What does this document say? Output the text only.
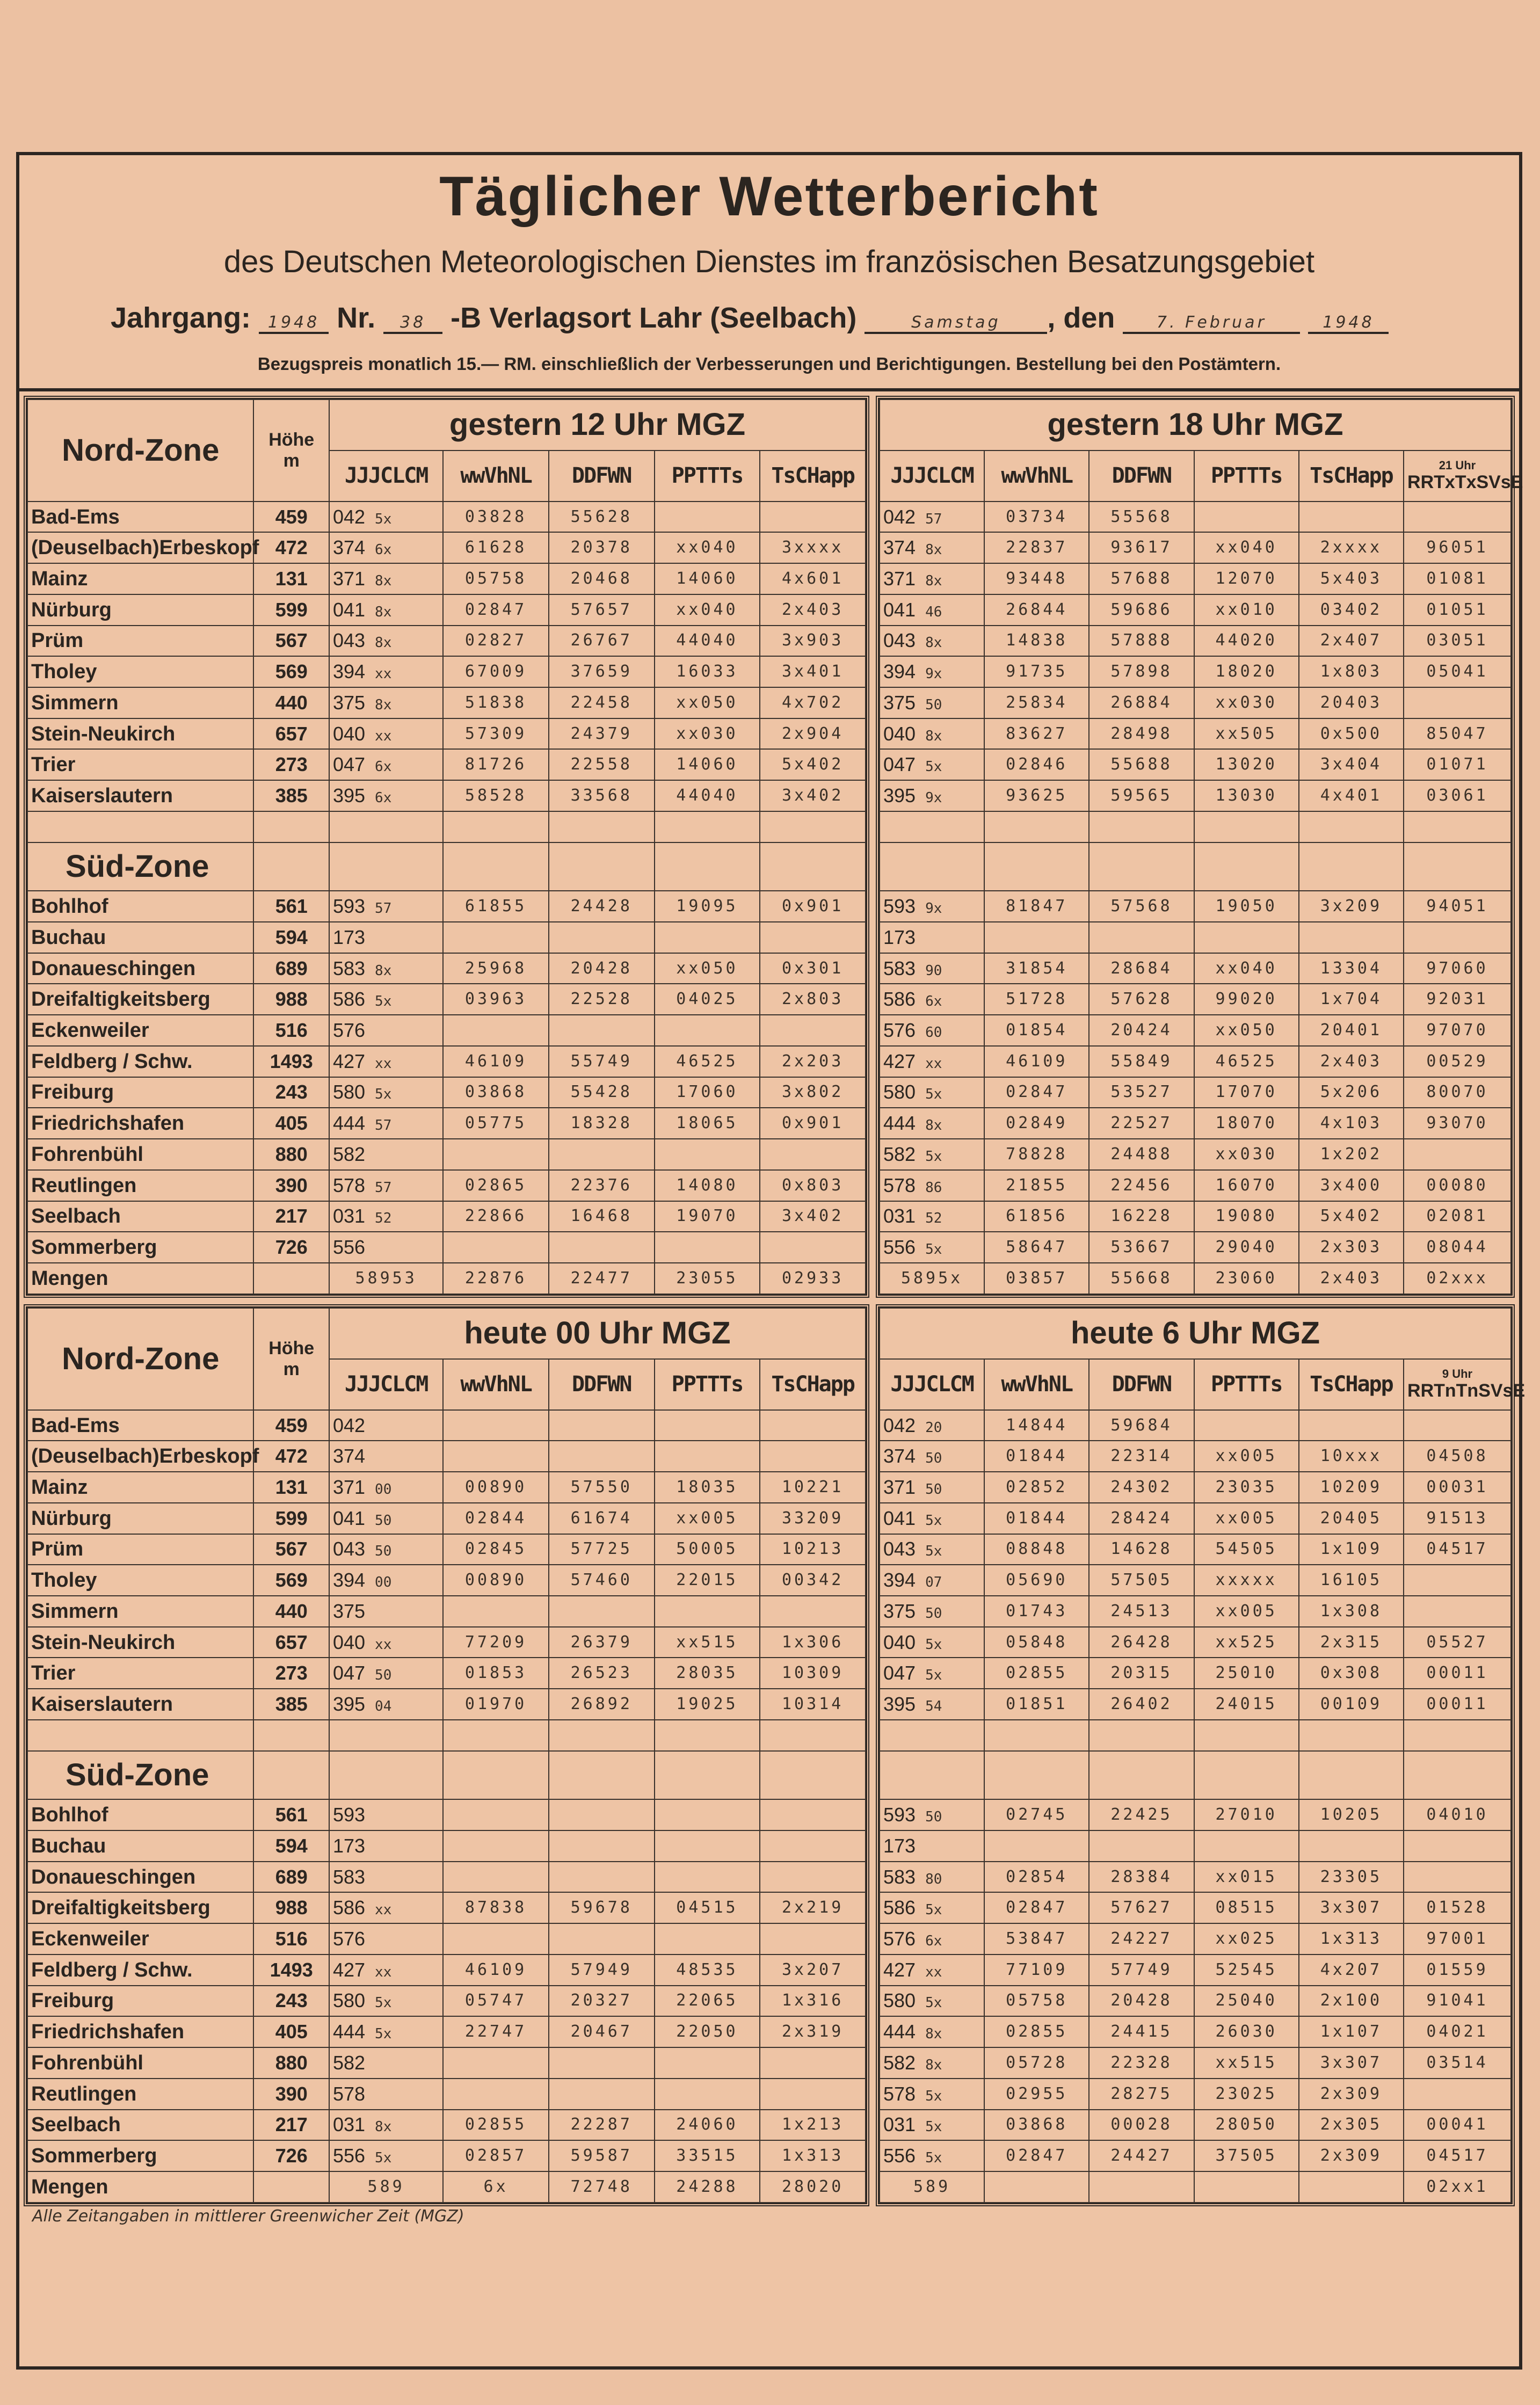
Täglicher Wetterbericht
des Deutschen Meteorologischen Dienstes im französischen Besatzungsgebiet
Jahrgang: 1948 Nr. 38 -B Verlagsort Lahr (Seelbach)	Samstag , den	7. Februar	1948
Bezugspreis monatlich 15.— RM. einschließlich der Verbesserungen und Berichtigungen. Bestellung bei den Postämtern.
Nord-Zone	Höhe
m	gestern 12 Uhr MGZ				
		JJJCLCM	wwVhNL	DDFWN	PPTTTs	TsCHapp
Bad-Ems	459	042 5x	03828	55628		
(Deuselbach)Erbeskopf	472	374 6x	61628	20378	xx040	3xxxx
Mainz	131	371 8x	05758	20468	14060	4x601
Nürburg	599	041 8x	02847	57657	xx040	2x403
Prüm	567	043 8x	02827	26767	44040	3x903
Tholey	569	394 xx	67009	37659	16033	3x401
Simmern	440	375 8x	51838	22458	xx050	4x702
Stein-Neukirch	657	040 xx	57309	24379	xx030	2x904
Trier	273	047 6x	81726	22558	14060	5x402
Kaiserslautern	385	395 6x	58528	33568	44040	3x402

Süd-Zone						
Bohlhof	561	593 57	61855	24428	19095	0x901
Buchau	594	173				
Donaueschingen	689	583 8x	25968	20428	xx050	0x301
Dreifaltigkeitsberg	988	586 5x	03963	22528	04025	2x803
Eckenweiler	516	576				
Feldberg / Schw.	1493	427 xx	46109	55749	46525	2x203
Freiburg	243	580 5x	03868	55428	17060	3x802
Friedrichshafen	405	444 57	05775	18328	18065	0x901
Fohrenbühl	880	582				
Reutlingen	390	578 57	02865	22376	14080	0x803
Seelbach	217	031 52	22866	16468	19070	3x402
Sommerberg	726	556				
Mengen		58953	22876	22477	23055	02933
gestern 18 Uhr MGZ					
JJJCLCM	wwVhNL	DDFWN	PPTTTs	TsCHapp	21 Uhr
RRTxTxSVsE

042 57	03734	55568			
374 8x	22837	93617	xx040	2xxxx	96051
371 8x	93448	57688	12070	5x403	01081
041 46	26844	59686	xx010	03402	01051
043 8x	14838	57888	44020	2x407	03051
394 9x	91735	57898	18020	1x803	05041
375 50	25834	26884	xx030	20403	
040 8x	83627	28498	xx505	0x500	85047
047 5x	02846	55688	13020	3x404	01071
395 9x	93625	59565	13030	4x401	03061

593 9x	81847	57568	19050	3x209	94051
173					
583 90	31854	28684	xx040	13304	97060
586 6x	51728	57628	99020	1x704	92031
576 60	01854	20424	xx050	20401	97070
427 xx	46109	55849	46525	2x403	00529
580 5x	02847	53527	17070	5x206	80070
444 8x	02849	22527	18070	4x103	93070
582 5x	78828	24488	xx030	1x202	
578 86	21855	22456	16070	3x400	00080
031 52	61856	16228	19080	5x402	02081
556 5x	58647	53667	29040	2x303	08044
5895x	03857	55668	23060	2x403	02xxx
Nord-Zone	Höhe
m	heute 00 Uhr MGZ				
		JJJCLCM	wwVhNL	DDFWN	PPTTTs	TsCHapp
Bad-Ems	459	042				
(Deuselbach)Erbeskopf	472	374				
Mainz	131	371 00	00890	57550	18035	10221
Nürburg	599	041 50	02844	61674	xx005	33209
Prüm	567	043 50	02845	57725	50005	10213
Tholey	569	394 00	00890	57460	22015	00342
Simmern	440	375				
Stein-Neukirch	657	040 xx	77209	26379	xx515	1x306
Trier	273	047 50	01853	26523	28035	10309
Kaiserslautern	385	395 04	01970	26892	19025	10314

Süd-Zone						
Bohlhof	561	593				
Buchau	594	173				
Donaueschingen	689	583				
Dreifaltigkeitsberg	988	586 xx	87838	59678	04515	2x219
Eckenweiler	516	576				
Feldberg / Schw.	1493	427 xx	46109	57949	48535	3x207
Freiburg	243	580 5x	05747	20327	22065	1x316
Friedrichshafen	405	444 5x	22747	20467	22050	2x319
Fohrenbühl	880	582				
Reutlingen	390	578				
Seelbach	217	031 8x	02855	22287	24060	1x213
Sommerberg	726	556 5x	02857	59587	33515	1x313
Mengen		589	6x	72748	24288	28020
heute 6 Uhr MGZ					
JJJCLCM	wwVhNL	DDFWN	PPTTTs	TsCHapp	9 Uhr
RRTnTnSVsE

042 20	14844	59684			
374 50	01844	22314	xx005	10xxx	04508
371 50	02852	24302	23035	10209	00031
041 5x	01844	28424	xx005	20405	91513
043 5x	08848	14628	54505	1x109	04517
394 07	05690	57505	xxxxx	16105	
375 50	01743	24513	xx005	1x308	
040 5x	05848	26428	xx525	2x315	05527
047 5x	02855	20315	25010	0x308	00011
395 54	01851	26402	24015	00109	00011

593 50	02745	22425	27010	10205	04010
173					
583 80	02854	28384	xx015	23305	
586 5x	02847	57627	08515	3x307	01528
576 6x	53847	24227	xx025	1x313	97001
427 xx	77109	57749	52545	4x207	01559
580 5x	05758	20428	25040	2x100	91041
444 8x	02855	24415	26030	1x107	04021
582 8x	05728	22328	xx515	3x307	03514
578 5x	02955	28275	23025	2x309	
031 5x	03868	00028	28050	2x305	00041
556 5x	02847	24427	37505	2x309	04517
589					02xx1
Alle Zeitangaben in mittlerer Greenwicher Zeit (MGZ)
